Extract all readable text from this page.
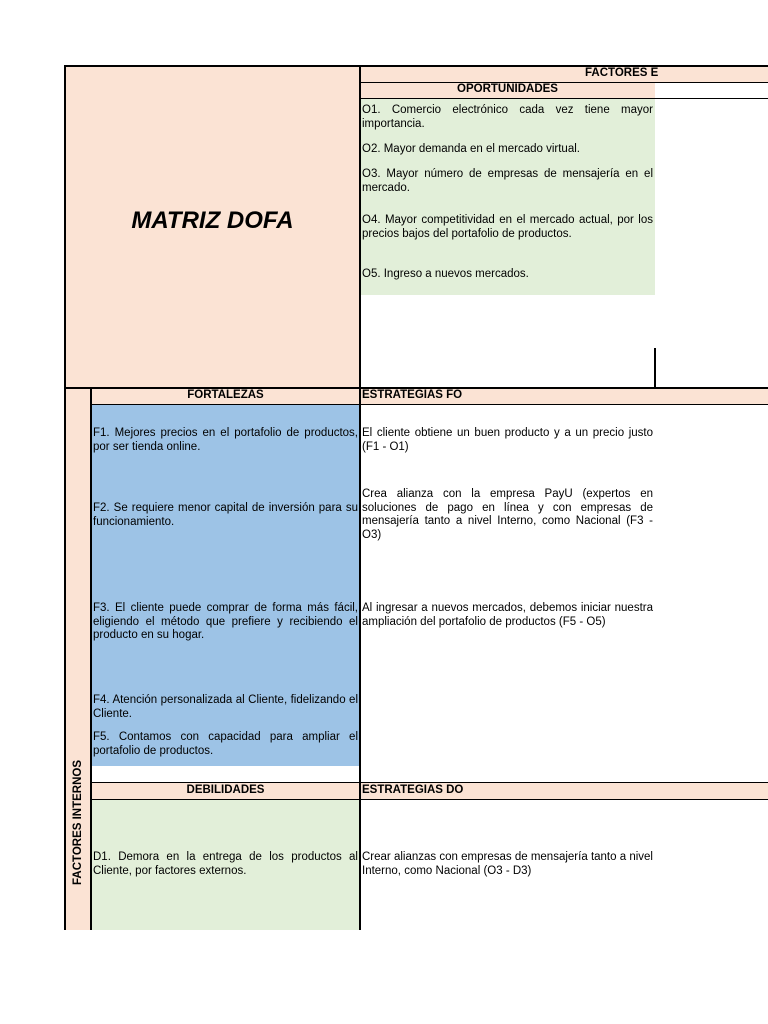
MATRIZ DOFA
FACTORES E
OPORTUNIDADES
O1. Comercio electrónico cada vez tiene mayor importancia.
O2. Mayor demanda en el mercado virtual.
O3. Mayor número de empresas de mensajería en el mercado.
O4. Mayor competitividad en el mercado actual, por los precios bajos del portafolio de productos.
O5. Ingreso a nuevos mercados.
FACTORES INTERNOS
FORTALEZAS	ESTRATEGIAS FO
F1. Mejores precios en el portafolio de productos, por ser tienda online.
F2. Se requiere menor capital de inversión para su funcionamiento.
F3. El cliente puede comprar de forma más fácil, eligiendo el método que prefiere y recibiendo el producto en su hogar.
F4. Atención personalizada al Cliente, fidelizando el Cliente.
F5. Contamos con capacidad para ampliar el portafolio de productos.
El cliente obtiene un buen producto y a un precio justo (F1 - O1)
Crea alianza con la empresa PayU (expertos en soluciones de pago en línea y con empresas de mensajería tanto a nivel Interno, como Nacional (F3 - O3)
Al ingresar a nuevos mercados, debemos iniciar nuestra ampliación del portafolio de productos (F5 - O5)
DEBILIDADES	ESTRATEGIAS DO
D1. Demora en la entrega de los productos al Cliente, por factores externos.
Crear alianzas con empresas de mensajería tanto a nivel Interno, como Nacional (O3 - D3)
